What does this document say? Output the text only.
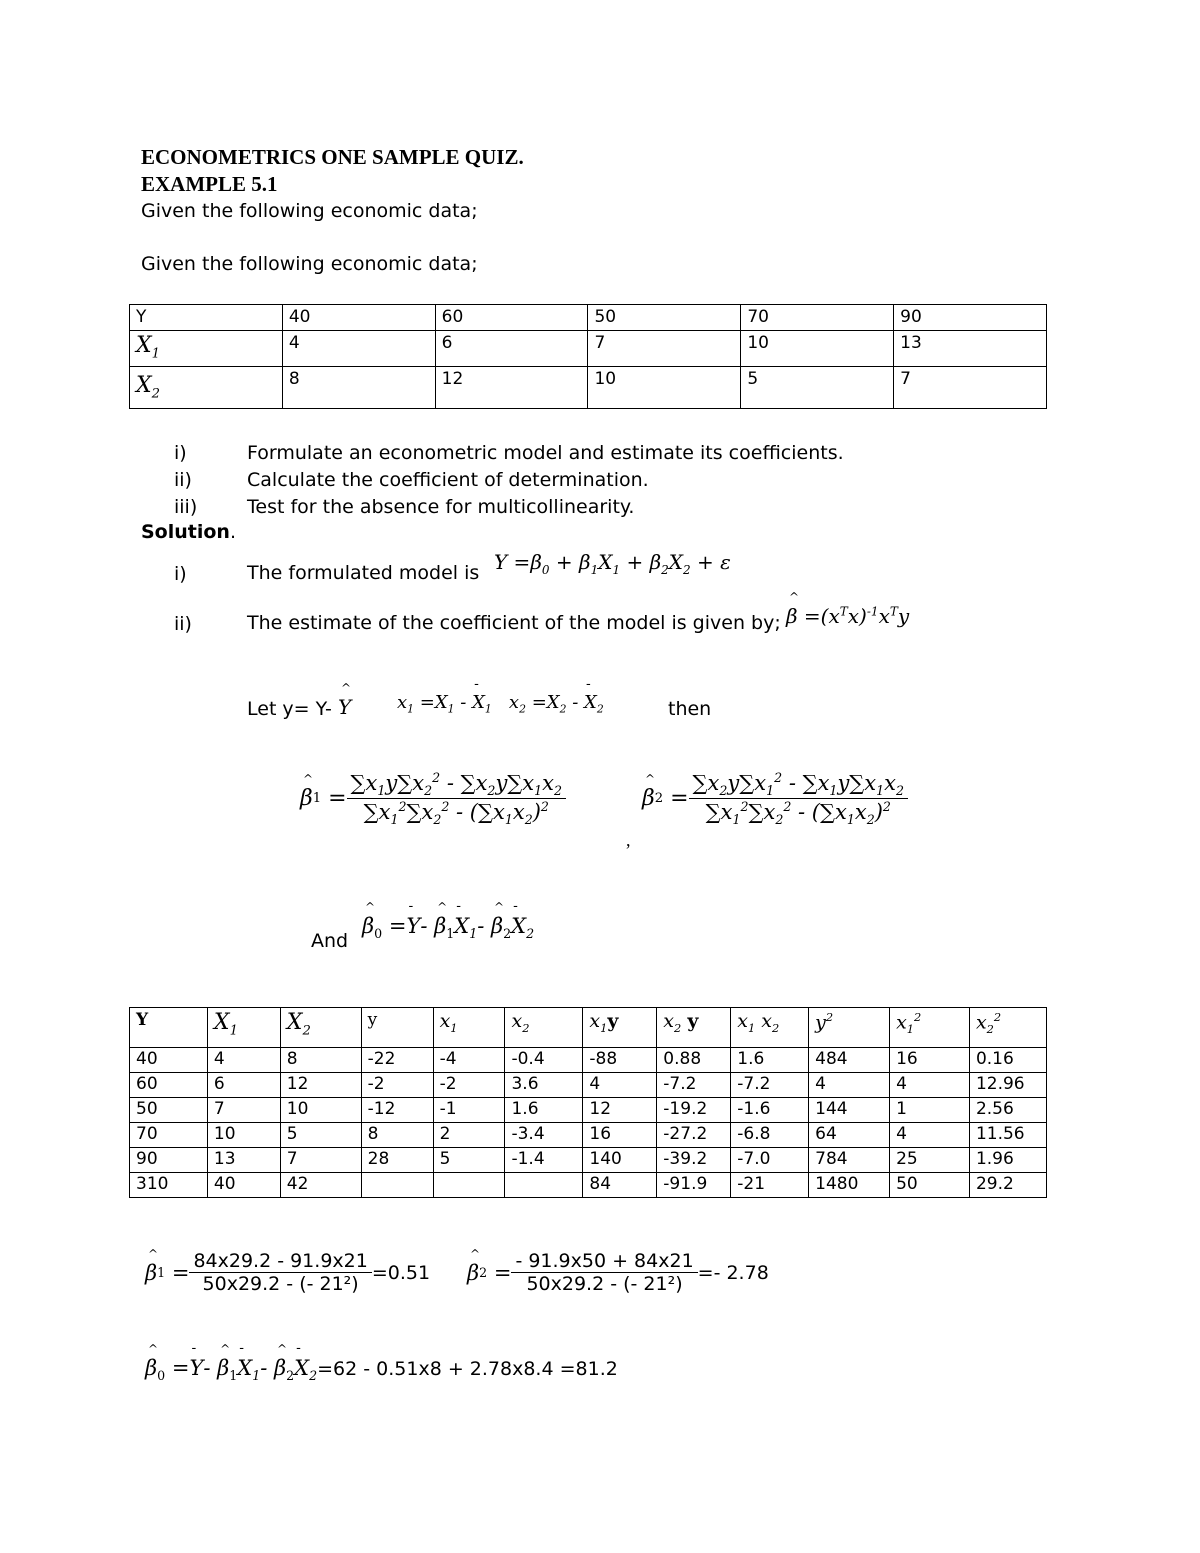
ECONOMETRICS ONE SAMPLE QUIZ.
EXAMPLE 5.1
Given the following economic data;
Given the following economic data;
Y	40	60	50	70	90
$X_1$	4	6	7	10	13
$X_2$	8	12	10	5	7
i)	Formulate an econometric model and estimate its coefficients.
ii)	Calculate the coefficient of determination.
iii)	Test for the absence for multicollinearity.
Solution.
i)	The formulated model is $Y =\beta_0 + \beta_1X_1 + \beta_2X_2 + \varepsilon$
ii)	The estimate of the coefficient of the model is given by; ^ $\beta =(x^Tx)^{-1}x^Ty$
Let y= Y- ^ Y	$x_1 =X_1$ - - $X_1$   $x_2 =X_2$ - - $X_2$	then
^ β $1 = \frac{\sum x_1y\sum x_2^2 - \sum x_2y\sum x_1x_2}{\sum x_1^2\sum x_2^2 - (\sum x_1x_2)^2}$
,
^ β $2 = \frac{\sum x_2y\sum x_1^2 - \sum x_1y\sum x_1x_2}{\sum x_1^2\sum x_2^2 - (\sum x_1x_2)^2}$
And
^ $\beta_0 =- Y-$ ^ $\beta_1-$ $X_1-$ ^ $\beta_2-$ $X_2$
Y	$X_1$	$X_2$	y	$x_1$	$x_2$	$x_1y$	$x_2$ y	$x_1$ $x_2$	$y^2$	$x_1^2$	$x_2^2$
40	4	8	-22	-4	-0.4	-88	0.88	1.6	484	16	0.16
60	6	12	-2	-2	3.6	4	-7.2	-7.2	4	4	12.96
50	7	10	-12	-1	1.6	12	-19.2	-1.6	144	1	2.56
70	10	5	8	2	-3.4	16	-27.2	-6.8	64	4	11.56
90	13	7	28	5	-1.4	140	-39.2	-7.0	784	25	1.96
310	40	42				84	-91.9	-21	1480	50	29.2
^ β $1 = \frac{84x29.2 - 91.9x21}{\text{50x29.2 - (- 21²)}} =0.51$ ^ β $2 = \frac{- 91.9x50 + 84x21}{\text{50x29.2 - (- 21²)}} =- 2.78$
^ $\beta_0 =- Y-$ ^ $\beta_1-$ $X_1-$ ^ $\beta_2-$ $X_2=62 - 0.51x8 + 2.78x8.4 =81.2$
